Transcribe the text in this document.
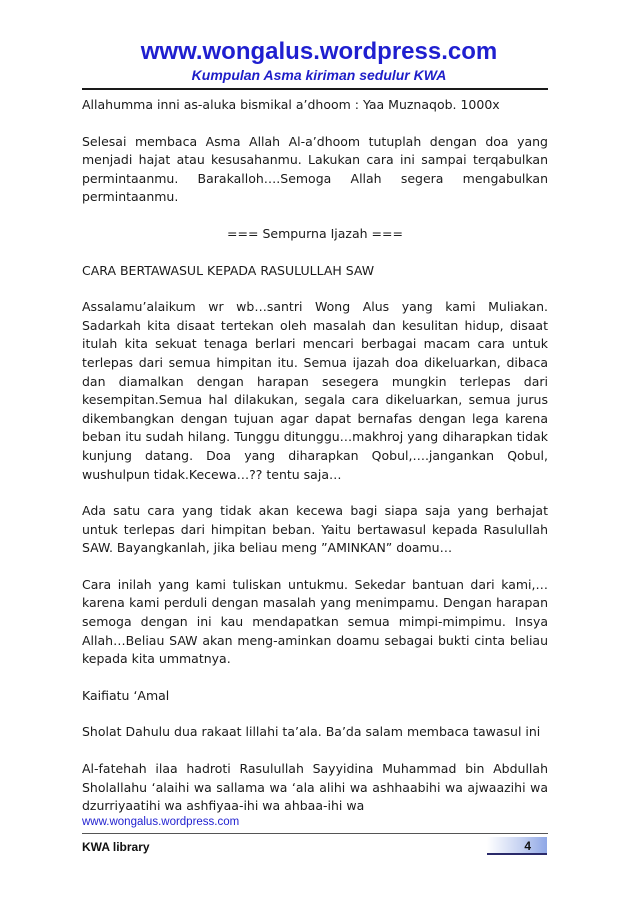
www.wongalus.wordpress.com
Kumpulan Asma kiriman sedulur KWA

Allahumma inni as-aluka bismikal a’dhoom : Yaa Muznaqob. 1000x

Selesai membaca Asma Allah Al-a’dhoom tutuplah dengan doa yang menjadi hajat atau kesusahanmu. Lakukan cara ini sampai terqabulkan permintaanmu. Barakalloh….Semoga Allah segera mengabulkan permintaanmu.

=== Sempurna Ijazah ===

CARA BERTAWASUL KEPADA RASULULLAH SAW

Assalamu’alaikum wr wb…santri Wong Alus yang kami Muliakan. Sadarkah kita disaat tertekan oleh masalah dan kesulitan hidup, disaat itulah kita sekuat tenaga berlari mencari berbagai macam cara untuk terlepas dari semua himpitan itu. Semua ijazah doa dikeluarkan, dibaca dan diamalkan dengan harapan sesegera mungkin terlepas dari kesempitan.Semua hal dilakukan, segala cara dikeluarkan, semua jurus dikembangkan dengan tujuan agar dapat bernafas dengan lega karena beban itu sudah hilang. Tunggu ditunggu…makhroj yang diharapkan tidak kunjung datang. Doa yang diharapkan Qobul,….jangankan Qobul, wushulpun tidak.Kecewa…?? tentu saja…

Ada satu cara yang tidak akan kecewa bagi siapa saja yang berhajat untuk terlepas dari himpitan beban. Yaitu bertawasul kepada Rasulullah SAW. Bayangkanlah, jika beliau meng ”AMINKAN” doamu…

Cara inilah yang kami tuliskan untukmu. Sekedar bantuan dari kami,…karena kami perduli dengan masalah yang menimpamu. Dengan harapan semoga dengan ini kau mendapatkan semua mimpi-mimpimu. Insya Allah…Beliau SAW akan meng-aminkan doamu sebagai bukti cinta beliau kepada kita ummatnya.

Kaifiatu ‘Amal

Sholat Dahulu dua rakaat lillahi ta’ala. Ba’da salam membaca tawasul ini

Al-fatehah ilaa hadroti Rasulullah Sayyidina Muhammad bin Abdullah Sholallahu ‘alaihi wa sallama wa ‘ala alihi wa ashhaabihi wa ajwaazihi wa dzurriyaatihi wa ashfiyaa-ihi wa ahbaa-ihi wa

www.wongalus.wordpress.com
KWA library	4
